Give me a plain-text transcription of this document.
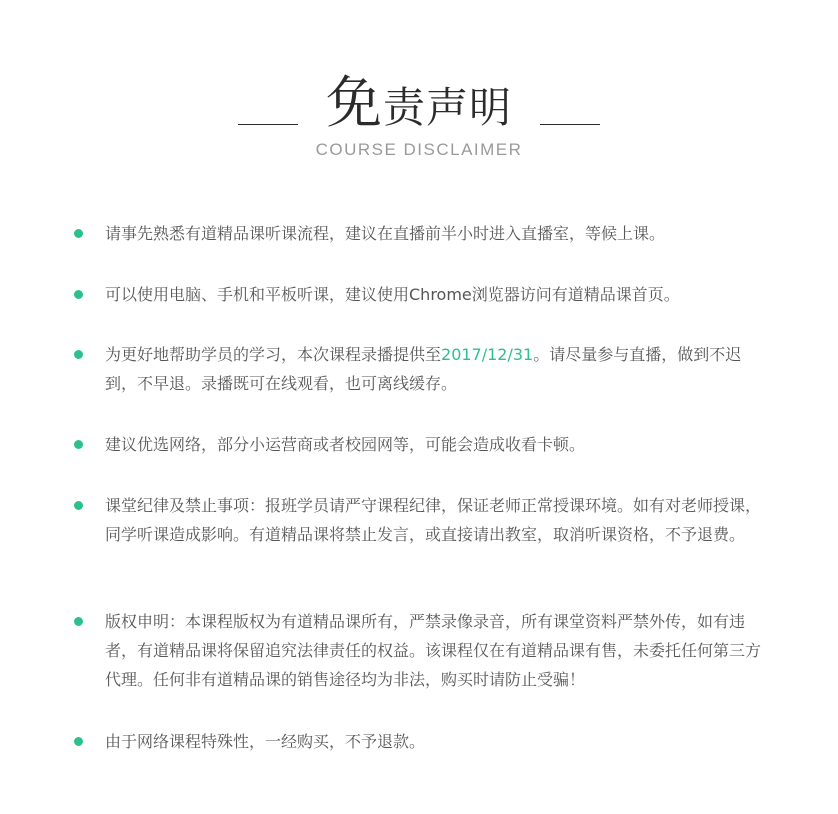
免责声明
COURSE DISCLAIMER
请事先熟悉有道精品课听课流程，建议在直播前半小时进入直播室，等候上课。
可以使用电脑、手机和平板听课，建议使用Chrome浏览器访问有道精品课首页。
为更好地帮助学员的学习，本次课程录播提供至2017/12/31。请尽量参与直播，做到不迟到，不早退。录播既可在线观看，也可离线缓存。
建议优选网络，部分小运营商或者校园网等，可能会造成收看卡顿。
课堂纪律及禁止事项：报班学员请严守课程纪律，保证老师正常授课环境。如有对老师授课，同学听课造成影响。有道精品课将禁止发言，或直接请出教室，取消听课资格，不予退费。
版权申明：本课程版权为有道精品课所有，严禁录像录音，所有课堂资料严禁外传，如有违者，有道精品课将保留追究法律责任的权益。该课程仅在有道精品课有售，未委托任何第三方代理。任何非有道精品课的销售途径均为非法，购买时请防止受骗！
由于网络课程特殊性，一经购买，不予退款。
